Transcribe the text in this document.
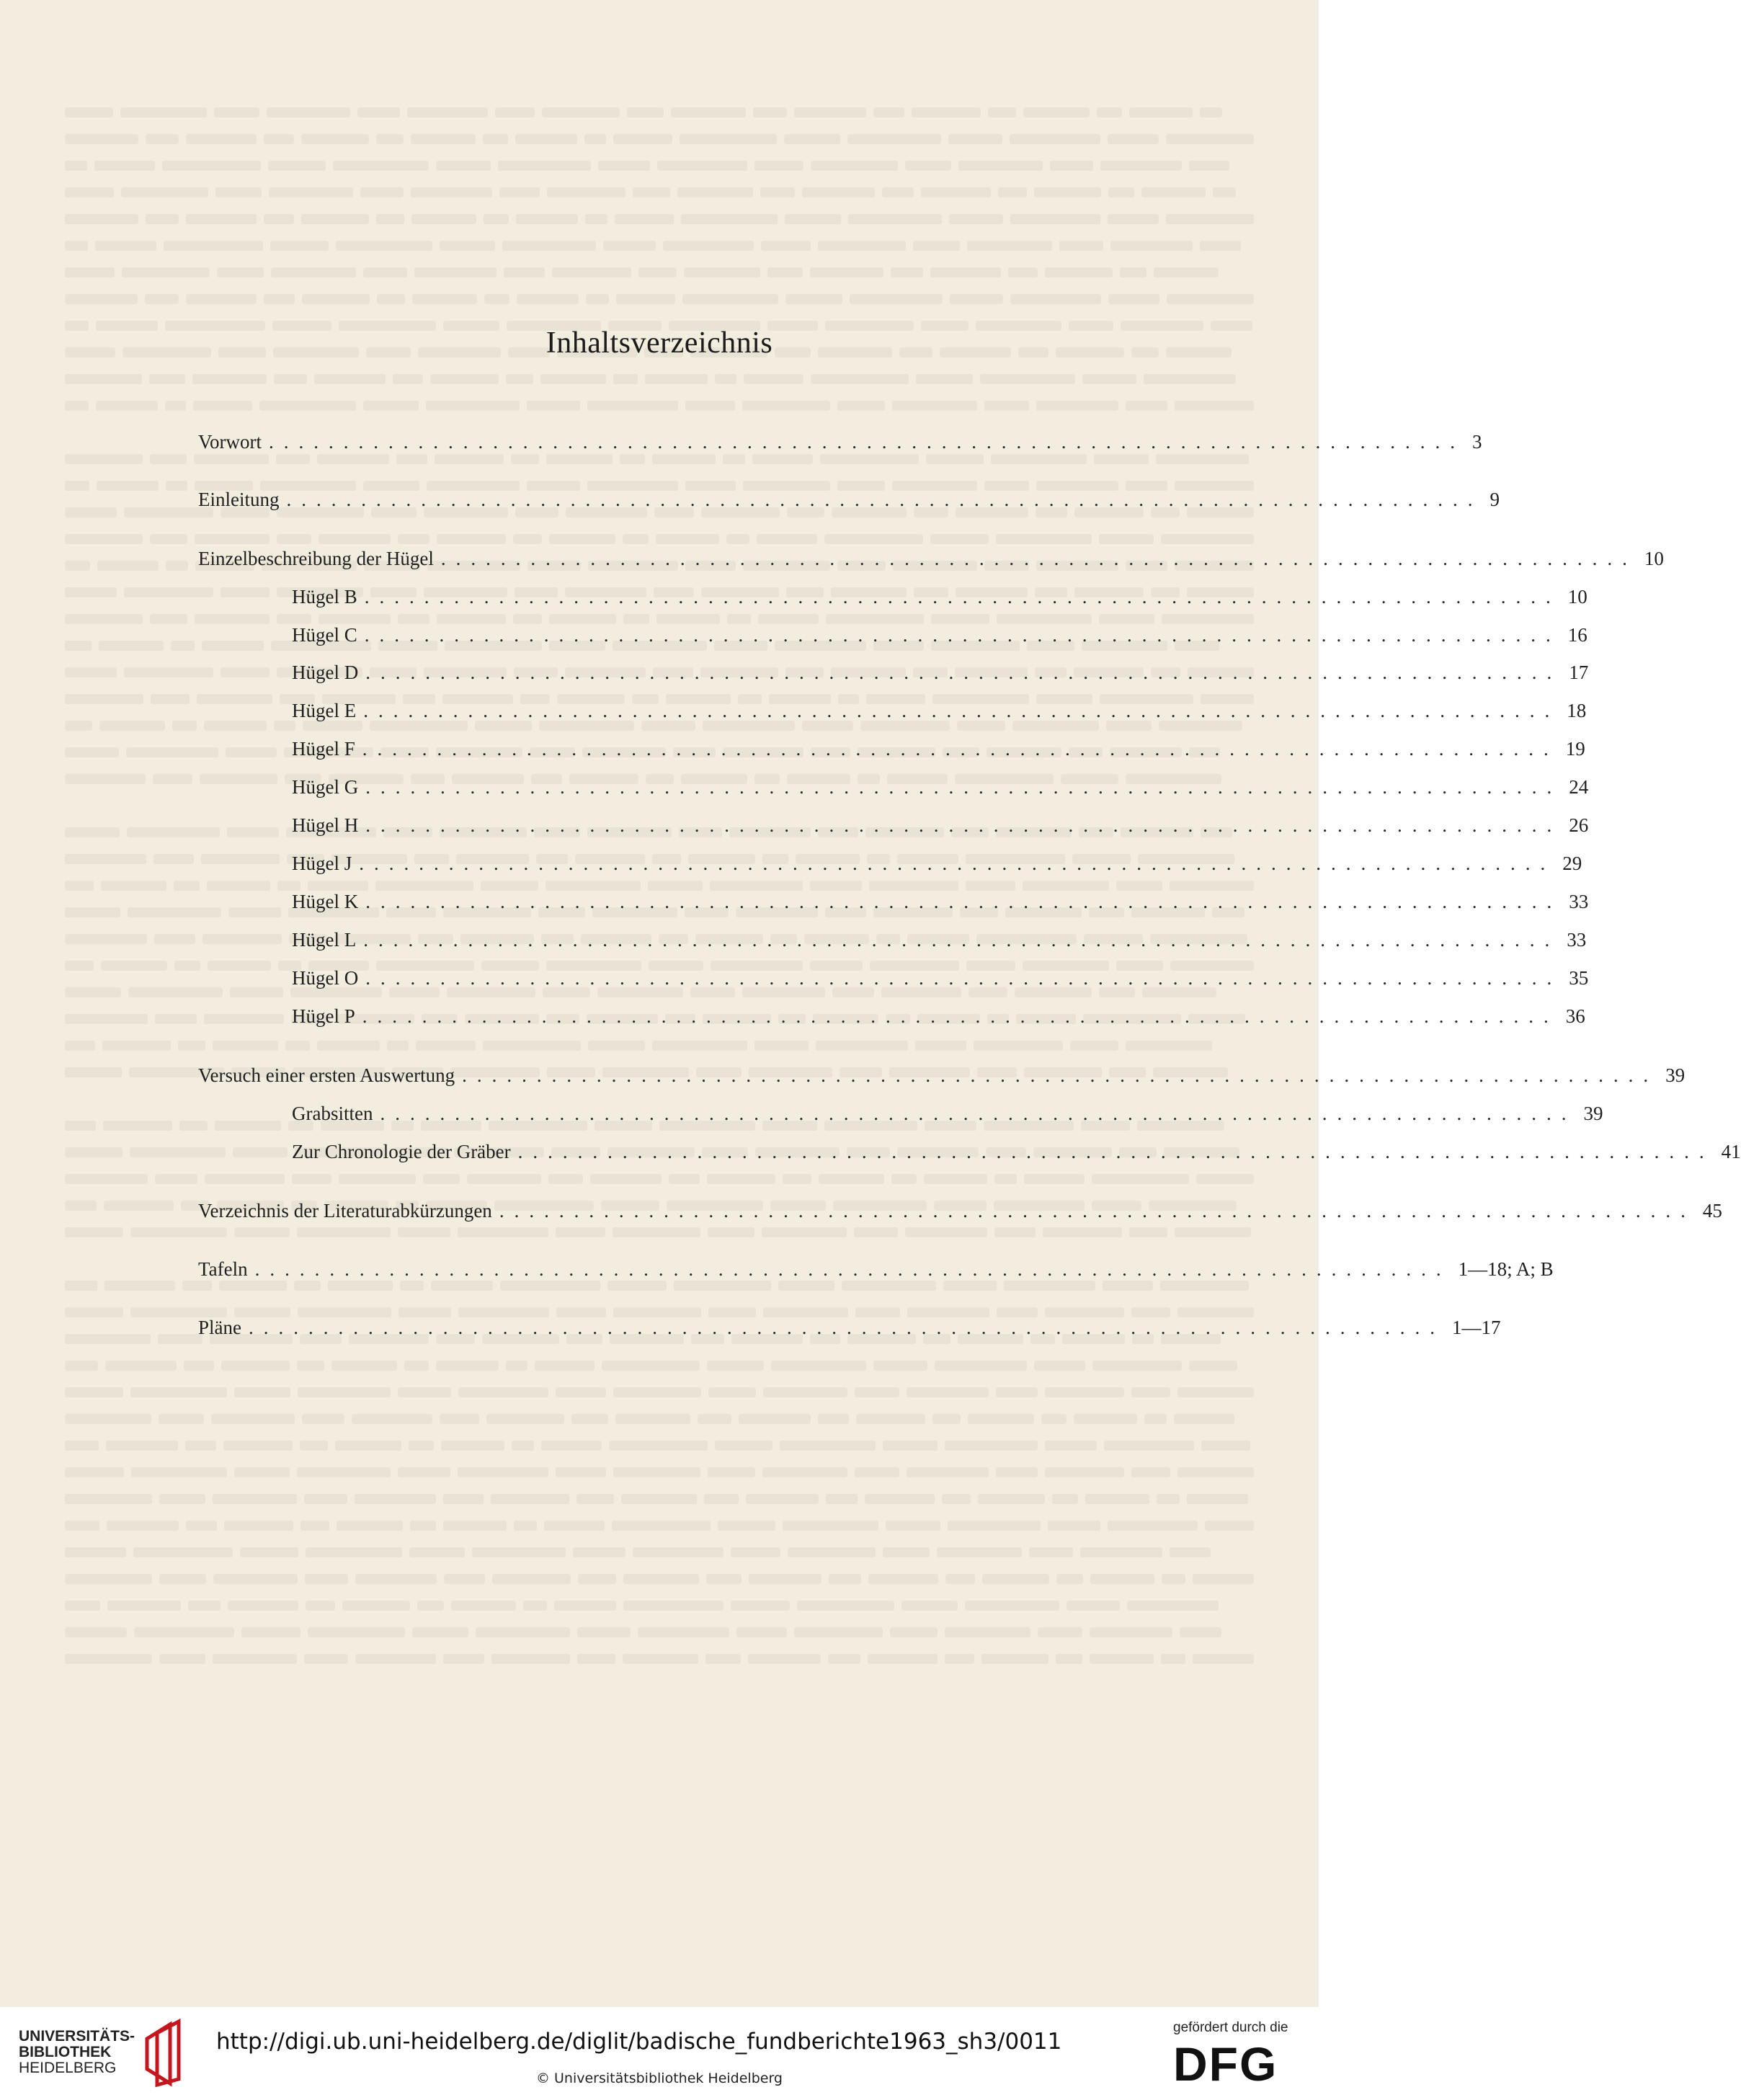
Inhaltsverzeichnis
Vorwort ................................................................................ 3
Einleitung ................................................................................ 9
Einzelbeschreibung der Hügel ................................................................................ 10
Hügel B ................................................................................ 10
Hügel C ................................................................................ 16
Hügel D ................................................................................ 17
Hügel E ................................................................................ 18
Hügel F ................................................................................ 19
Hügel G ................................................................................ 24
Hügel H ................................................................................ 26
Hügel J ................................................................................ 29
Hügel K ................................................................................ 33
Hügel L ................................................................................ 33
Hügel O ................................................................................ 35
Hügel P ................................................................................ 36
Versuch einer ersten Auswertung ................................................................................ 39
Grabsitten ................................................................................ 39
Zur Chronologie der Gräber ................................................................................ 41
Verzeichnis der Literaturabkürzungen ................................................................................ 45
Tafeln ................................................................................ 1—18; A; B
Pläne ................................................................................ 1—17
UNIVERSITÄTS-
BIBLIOTHEK
HEIDELBERG
http://digi.ub.uni-heidelberg.de/diglit/badische_fundberichte1963_sh3/0011
© Universitätsbibliothek Heidelberg
gefördert durch die
DFG
